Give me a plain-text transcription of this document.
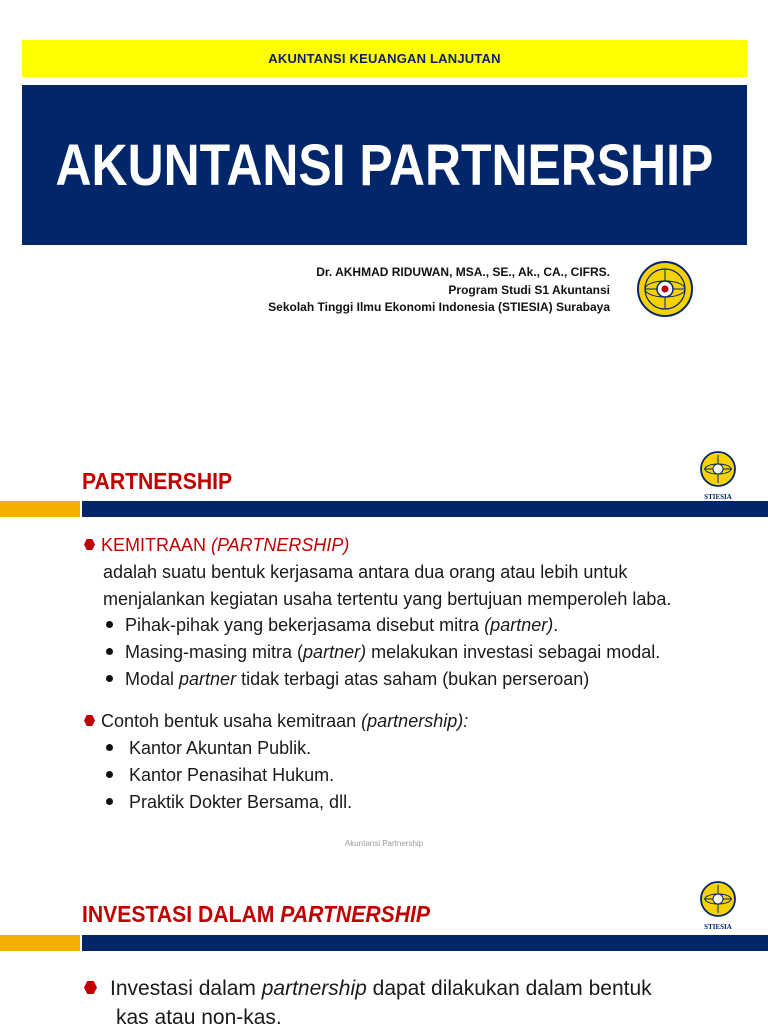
AKUNTANSI KEUANGAN LANJUTAN
AKUNTANSI PARTNERSHIP
Dr. AKHMAD RIDUWAN, MSA., SE., Ak., CA., CIFRS.
Program Studi S1 Akuntansi
Sekolah Tinggi Ilmu Ekonomi Indonesia (STIESIA) Surabaya
PARTNERSHIP
STIESIA
KEMITRAAN (PARTNERSHIP)
adalah suatu bentuk kerjasama antara dua orang atau lebih untuk
menjalankan kegiatan usaha tertentu yang bertujuan memperoleh laba.
Pihak-pihak yang bekerjasama disebut mitra (partner).
Masing-masing mitra (partner) melakukan investasi sebagai modal.
Modal partner tidak terbagi atas saham (bukan perseroan)
Contoh bentuk usaha kemitraan (partnership):
Kantor Akuntan Publik.
Kantor Penasihat Hukum.
Praktik Dokter Bersama, dll.
Akuntansi Partnership
INVESTASI DALAM PARTNERSHIP	STIESIA
Investasi dalam partnership dapat dilakukan dalam bentuk
kas atau non-kas.
